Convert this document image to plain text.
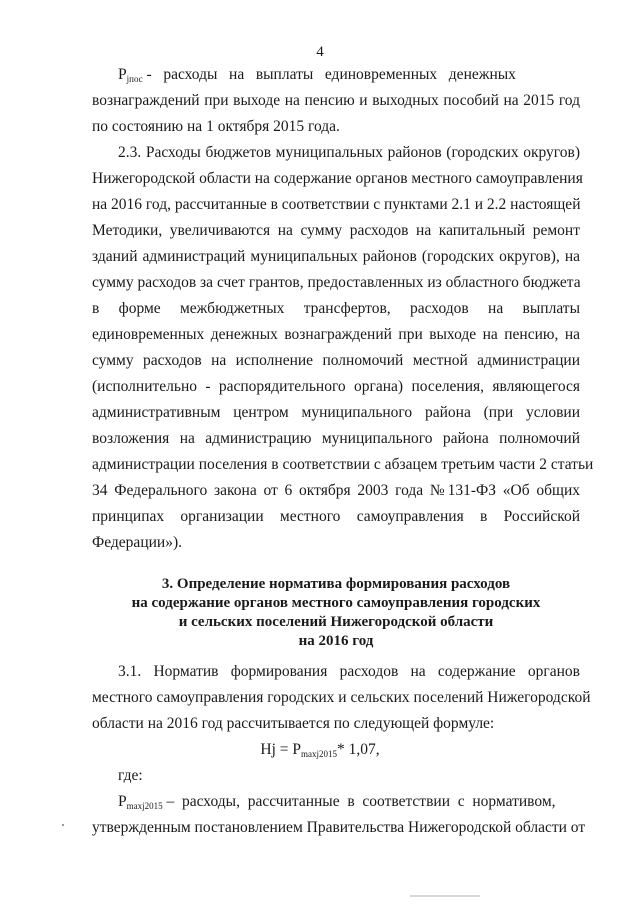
4
$P_{jпос}$ -   расходы   на   выплаты   единовременных   денежных
вознаграждений при выходе на пенсию и выходных пособий на 2015 год
по состоянию на 1 октября 2015 года.
2.3. Расходы бюджетов муниципальных районов (городских округов)
Нижегородской области на содержание органов местного самоуправления
на 2016 год, рассчитанные в соответствии с пунктами 2.1 и 2.2 настоящей
Методики, увеличиваются на сумму расходов на капитальный ремонт
зданий администраций муниципальных районов (городских округов), на
сумму расходов за счет грантов, предоставленных из областного бюджета
в    форме    межбюджетных    трансфертов,    расходов    на    выплаты
единовременных денежных вознаграждений при выходе на пенсию, на
сумму расходов на исполнение полномочий местной администрации
(исполнительно - распорядительного органа) поселения, являющегося
административным центром муниципального района (при условии
возложения на администрацию муниципального района полномочий
администрации поселения в соответствии с абзацем третьим части 2 статьи
34 Федерального закона от 6 октября 2003 года №131-ФЗ «Об общих
принципах   организации   местного   самоуправления   в   Российской
Федерации»).
3. Определение норматива формирования расходов
на содержание органов местного самоуправления городских
и сельских поселений Нижегородской области
на 2016 год
3.1.  Норматив  формирования  расходов  на  содержание  органов
местного самоуправления городских и сельских поселений Нижегородской
области на 2016 год рассчитывается по следующей формуле:
$Hj = P_{maxj2015}*$ 1,07,
где:
$P_{maxj2015}$ –  расходы,  рассчитанные  в  соответствии  с  нормативом,
утвержденным постановлением Правительства Нижегородской области от
